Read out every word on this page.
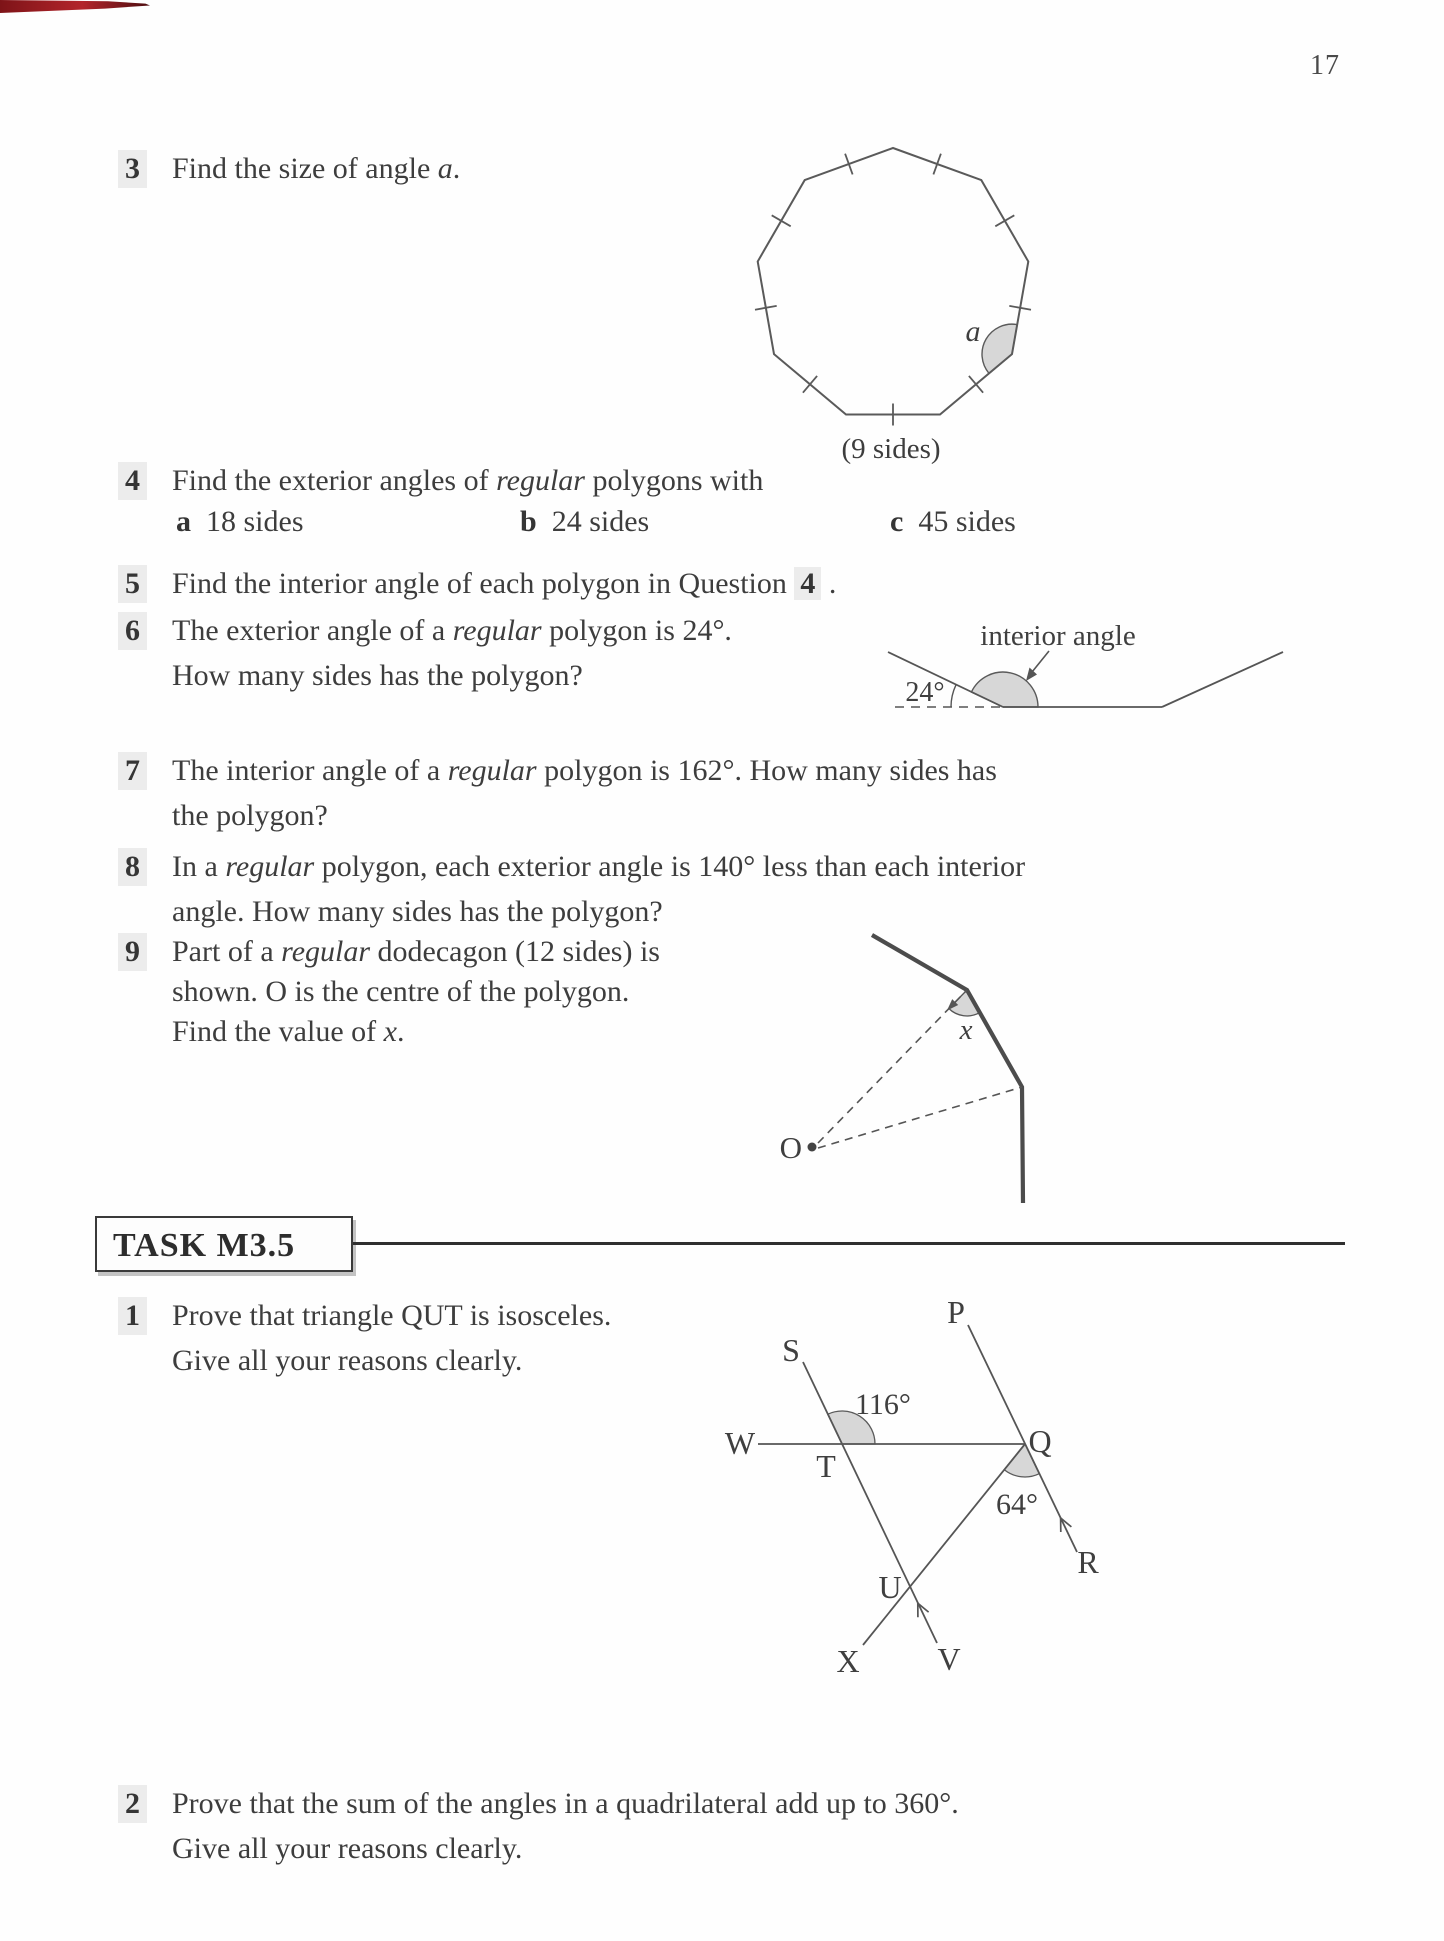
17
3 Find the size of angle a.
a
(9 sides)
4 Find the exterior angles of regular polygons with
a 18 sides	b 24 sides	c 45 sides
5 Find the interior angle of each polygon in Question 4 .
6 The exterior angle of a regular polygon is 24°.
How many sides has the polygon?
24°
interior angle
7 The interior angle of a regular polygon is 162°. How many sides has
the polygon?
8 In a regular polygon, each exterior angle is 140° less than each interior
angle. How many sides has the polygon?
9 Part of a regular dodecagon (12 sides) is
shown. O is the centre of the polygon.
Find the value of x.
O
x
TASK M3.5
1 Prove that triangle QUT is isosceles.
Give all your reasons clearly.
P
S
W
T
Q
R
U
X V
116°
64°
2 Prove that the sum of the angles in a quadrilateral add up to 360°.
Give all your reasons clearly.
